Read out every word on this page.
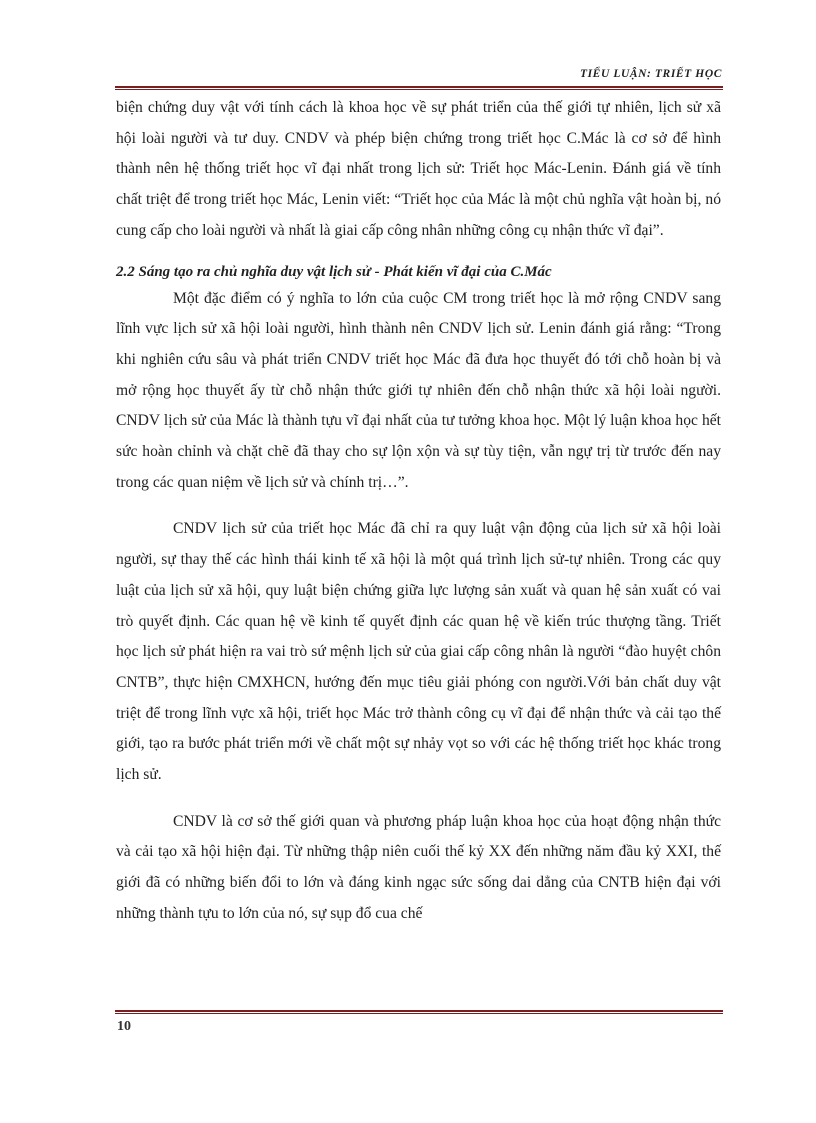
TIỂU LUẬN: TRIẾT HỌC

biện chứng duy vật với tính cách là khoa học về sự phát triển của thế giới tự nhiên, lịch sử xã hội loài người và tư duy. CNDV và phép biện chứng trong triết học C.Mác là cơ sở để hình thành nên hệ thống triết học vĩ đại nhất trong lịch sử: Triết học Mác-Lenin. Đánh giá về tính chất triệt để trong triết học Mác, Lenin viết: “Triết học của Mác là một chủ nghĩa vật hoàn bị, nó cung cấp cho loài người và nhất là giai cấp công nhân những công cụ nhận thức vĩ đại”.

2.2 Sáng tạo ra chủ nghĩa duy vật lịch sử - Phát kiến vĩ đại của C.Mác

Một đặc điểm có ý nghĩa to lớn của cuộc CM trong triết học là mở rộng CNDV sang lĩnh vực lịch sử xã hội loài người, hình thành nên CNDV lịch sử. Lenin đánh giá rằng: “Trong khi nghiên cứu sâu và phát triển CNDV triết học Mác đã đưa học thuyết đó tới chỗ hoàn bị và mở rộng học thuyết ấy từ chỗ nhận thức giới tự nhiên đến chỗ nhận thức xã hội loài người. CNDV lịch sử của Mác là thành tựu vĩ đại nhất của tư tưởng khoa học. Một lý luận khoa học hết sức hoàn chỉnh và chặt chẽ đã thay cho sự lộn xộn và sự tùy tiện, vẫn ngự trị từ trước đến nay trong các quan niệm về lịch sử và chính trị…”.

CNDV lịch sử của triết học Mác đã chỉ ra quy luật vận động của lịch sử xã hội loài người, sự thay thế các hình thái kinh tế xã hội là một quá trình lịch sử-tự nhiên. Trong các quy luật của lịch sử xã hội, quy luật biện chứng giữa lực lượng sản xuất và quan hệ sản xuất có vai trò quyết định. Các quan hệ về kinh tế quyết định các quan hệ về kiến trúc thượng tầng. Triết học lịch sử phát hiện ra vai trò sứ mệnh lịch sử của giai cấp công nhân là người “đào huyệt chôn CNTB”, thực hiện CMXHCN, hướng đến mục tiêu giải phóng con người.Với bản chất duy vật triệt để trong lĩnh vực xã hội, triết học Mác trở thành công cụ vĩ đại để nhận thức và cải tạo thế giới, tạo ra bước phát triển mới về chất một sự nhảy vọt so với các hệ thống triết học khác trong lịch sử.

CNDV là cơ sở thế giới quan và phương pháp luận khoa học của hoạt động nhận thức và cải tạo xã hội hiện đại. Từ những thập niên cuối thế kỷ XX đến những năm đầu kỷ XXI, thế giới đã có những biến đổi to lớn và đáng kinh ngạc sức sống dai dẳng của CNTB hiện đại với những thành tựu to lớn của nó, sự sụp đổ cua chế

10
